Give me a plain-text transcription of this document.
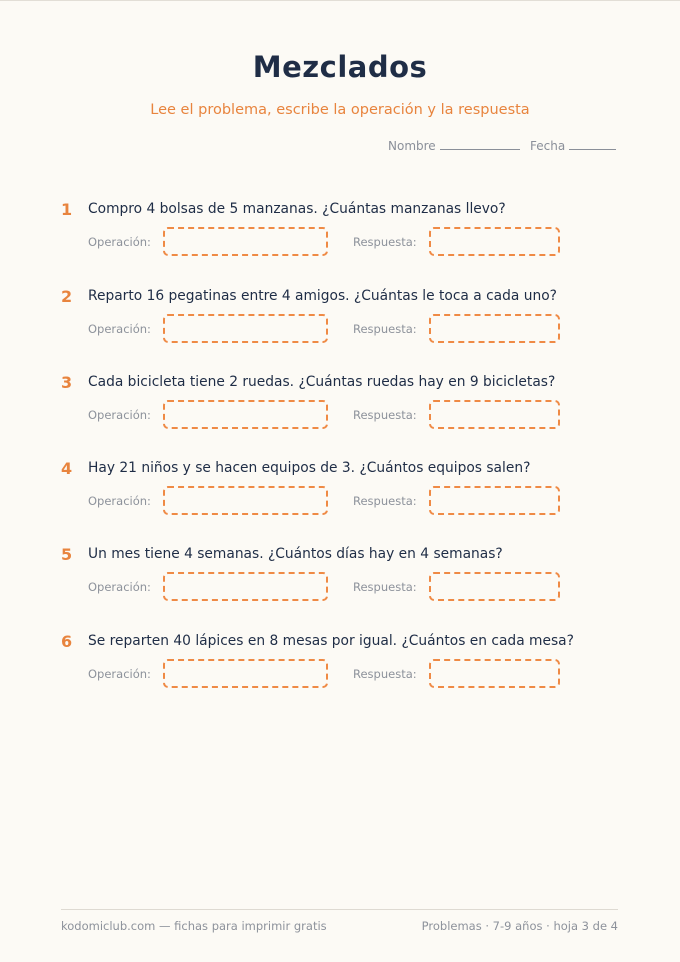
Mezclados
Lee el problema, escribe la operación y la respuesta
Nombre	Fecha
1 Compro 4 bolsas de 5 manzanas. ¿Cuántas manzanas llevo?
Operación:	Respuesta:
2 Reparto 16 pegatinas entre 4 amigos. ¿Cuántas le toca a cada uno?
Operación:	Respuesta:
3 Cada bicicleta tiene 2 ruedas. ¿Cuántas ruedas hay en 9 bicicletas?
Operación:	Respuesta:
4 Hay 21 niños y se hacen equipos de 3. ¿Cuántos equipos salen?
Operación:	Respuesta:
5 Un mes tiene 4 semanas. ¿Cuántos días hay en 4 semanas?
Operación:	Respuesta:
6 Se reparten 40 lápices en 8 mesas por igual. ¿Cuántos en cada mesa?
Operación:	Respuesta:
kodomiclub.com — fichas para imprimir gratis	Problemas · 7-9 años · hoja 3 de 4
